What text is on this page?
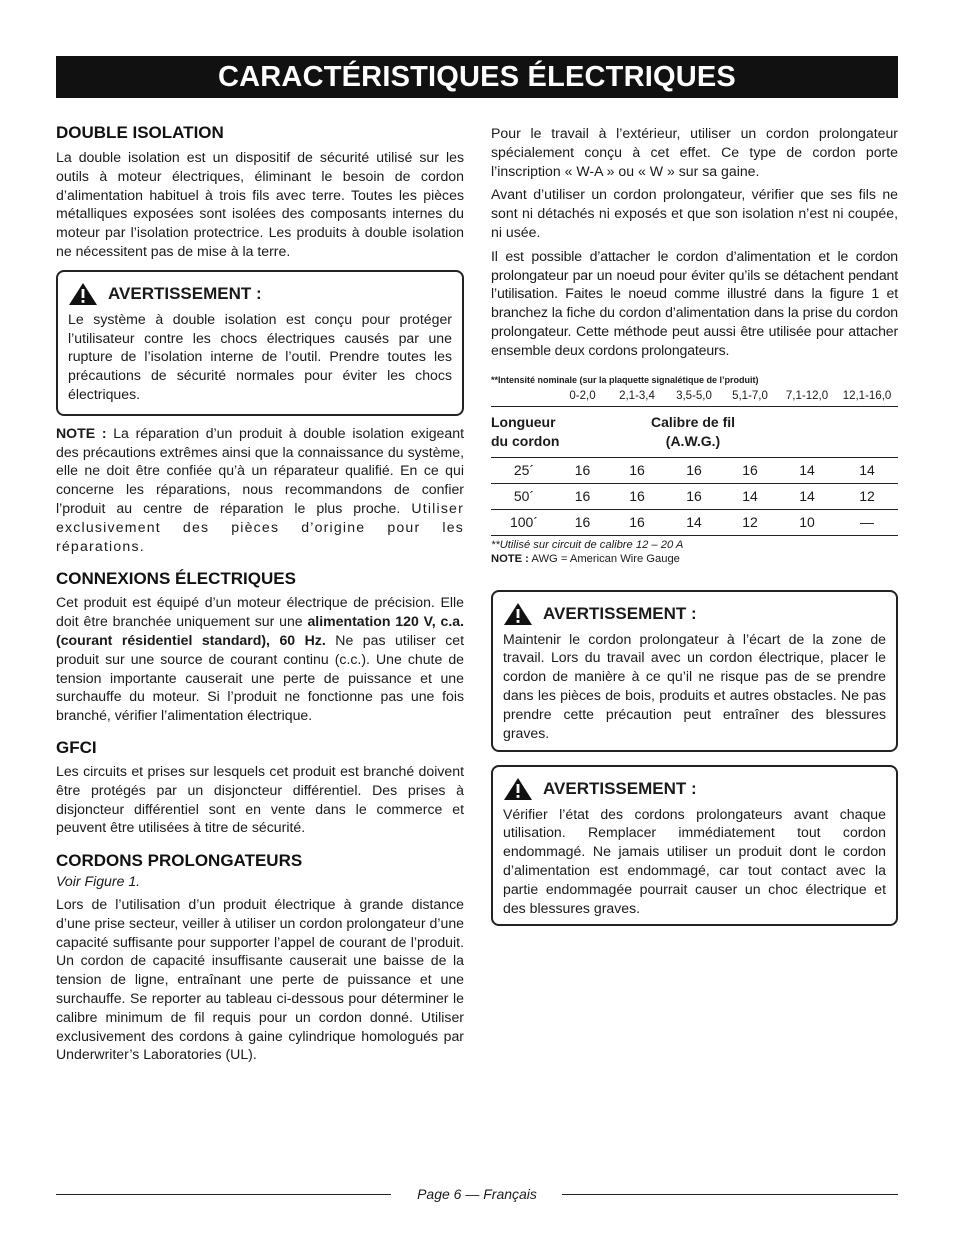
CARACTÉRISTIQUES ÉLECTRIQUES
DOUBLE ISOLATION

La double isolation est un dispositif de sécurité utilisé sur les outils à moteur électriques, éliminant le besoin de cordon d’alimentation habituel à trois fils avec terre. Toutes les pièces métalliques exposées sont isolées des composants internes du moteur par l’isolation protectrice. Les produits à double isolation ne nécessitent pas de mise à la terre.

AVERTISSEMENT :

Le système à double isolation est conçu pour protéger l’utilisateur contre les chocs électriques causés par une rupture de l’isolation interne de l’outil. Prendre toutes les précautions de sécurité normales pour éviter les chocs électriques.

NOTE : La réparation d’un produit à double isolation exigeant des précautions extrêmes ainsi que la connaissance du système, elle ne doit être confiée qu’à un réparateur qualifié. En ce qui concerne les réparations, nous recommandons de confier l’produit au centre de réparation le plus proche. Utiliser exclusivement des pièces d’origine pour les réparations.

CONNEXIONS ÉLECTRIQUES

Cet produit est équipé d’un moteur électrique de précision. Elle doit être branchée uniquement sur une alimentation 120 V, c.a. (courant résidentiel standard), 60 Hz. Ne pas utiliser cet produit sur une source de courant continu (c.c.). Une chute de tension importante causerait une perte de puissance et une surchauffe du moteur. Si l’produit ne fonctionne pas une fois branché, vérifier l’alimentation électrique.

GFCI

Les circuits et prises sur lesquels cet produit est branché doivent être protégés par un disjoncteur différentiel. Des prises à disjoncteur différentiel sont en vente dans le commerce et peuvent être utilisées à titre de sécurité.

CORDONS PROLONGATEURS

Voir Figure 1.

Lors de l’utilisation d’un produit électrique à grande distance d’une prise secteur, veiller à utiliser un cordon prolongateur d’une capacité suffisante pour supporter l’appel de courant de l’produit. Un cordon de capacité insuffisante causerait une baisse de la tension de ligne, entraînant une perte de puissance et une surchauffe. Se reporter au tableau ci-dessous pour déterminer le calibre minimum de fil requis pour un cordon donné. Utiliser exclusivement des cordons à gaine cylindrique homologués par Underwriter’s Laboratories (UL).

Pour le travail à l’extérieur, utiliser un cordon prolongateur spécialement conçu à cet effet. Ce type de cordon porte l’inscription « W-A » ou « W » sur sa gaine.

Avant d’utiliser un cordon prolongateur, vérifier que ses fils ne sont ni détachés ni exposés et que son isolation n’est ni coupée, ni usée.

Il est possible d’attacher le cordon d’alimentation et le cordon prolongateur par un noeud pour éviter qu’ils se détachent pendant l’utilisation. Faites le noeud comme illustré dans la figure 1 et branchez la fiche du cordon d’alimentation dans la prise du cordon prolongateur. Cette méthode peut aussi être utilisée pour attacher ensemble deux cordons prolongateurs.

**Intensité nominale (sur la plaquette signalétique de l’produit)
	0-2,0	2,1-3,4	3,5-5,0	5,1-7,0	7,1-12,0	12,1-16,0
Longueur du cordon		Calibre de fil (A.W.G.)				
25´	16	16	16	16	14	14
50´	16	16	16	14	14	12
100´	16	16	14	12	10	—
**Utilisé sur circuit de calibre 12 – 20 A
NOTE : AWG = American Wire Gauge
AVERTISSEMENT :

Maintenir le cordon prolongateur à l’écart de la zone de travail. Lors du travail avec un cordon électrique, placer le cordon de manière à ce qu’il ne risque pas de se prendre dans les pièces de bois, produits et autres obstacles. Ne pas prendre cette précaution peut entraîner des blessures graves.

AVERTISSEMENT :

Vérifier l’état des cordons prolongateurs avant chaque utilisation. Remplacer immédiatement tout cordon endommagé. Ne jamais utiliser un produit dont le cordon d’alimentation est endommagé, car tout contact avec la partie endommagée pourrait causer un choc électrique et des blessures graves.

Page 6 — Français
